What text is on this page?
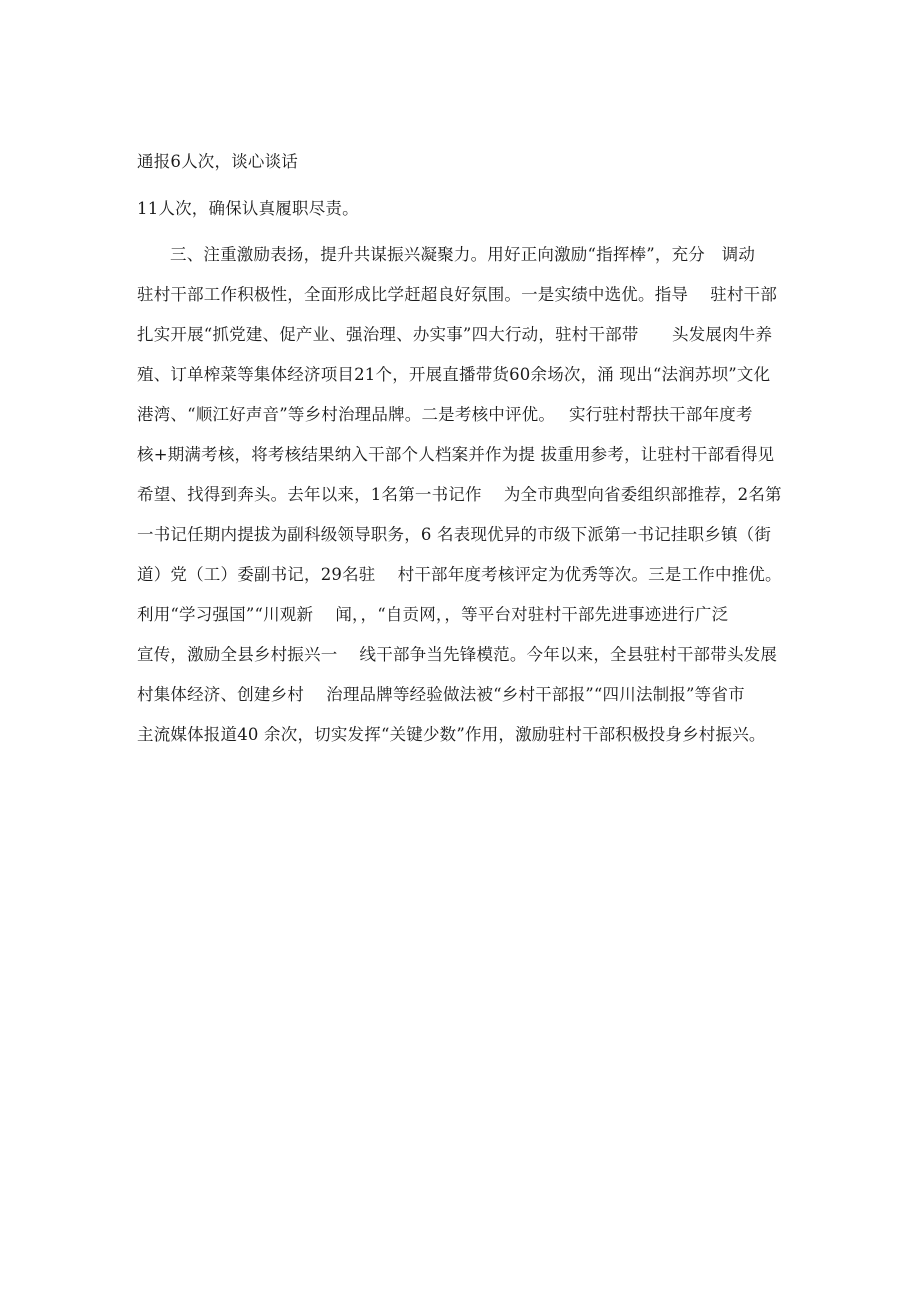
通报6人次，谈心谈话
11人次，确保认真履职尽责。
三、注重激励表扬，提升共谋振兴凝聚力。用好正向激励“指挥棒”，充分　调动
驻村干部工作积极性，全面形成比学赶超良好氛围。一是实绩中选优。指导　 驻村干部
扎实开展“抓党建、促产业、强治理、办实事”四大行动，驻村干部带　　头发展肉牛养
殖、订单榨菜等集体经济项目21个，开展直播带货60余场次，涌 现出“法润苏坝”文化
港湾、“顺江好声音”等乡村治理品牌。二是考核中评优。　 实行驻村帮扶干部年度考
核+期满考核，将考核结果纳入干部个人档案并作为提 拔重用参考，让驻村干部看得见
希望、找得到奔头。去年以来，1名第一书记作　 为全市典型向省委组织部推荐，2名第
一书记任期内提拔为副科级领导职务，6 名表现优异的市级下派第一书记挂职乡镇（街
道）党（工）委副书记，29名驻　 村干部年度考核评定为优秀等次。三是工作中推优。
利用“学习强国”“川观新　 闻，，“自贡网，，等平台对驻村干部先进事迹进行广泛
宣传，激励全县乡村振兴一　 线干部争当先锋模范。今年以来，全县驻村干部带头发展
村集体经济、创建乡村　 治理品牌等经验做法被“乡村干部报”“四川法制报”等省市
主流媒体报道40 余次，切实发挥“关键少数”作用，激励驻村干部积极投身乡村振兴。
